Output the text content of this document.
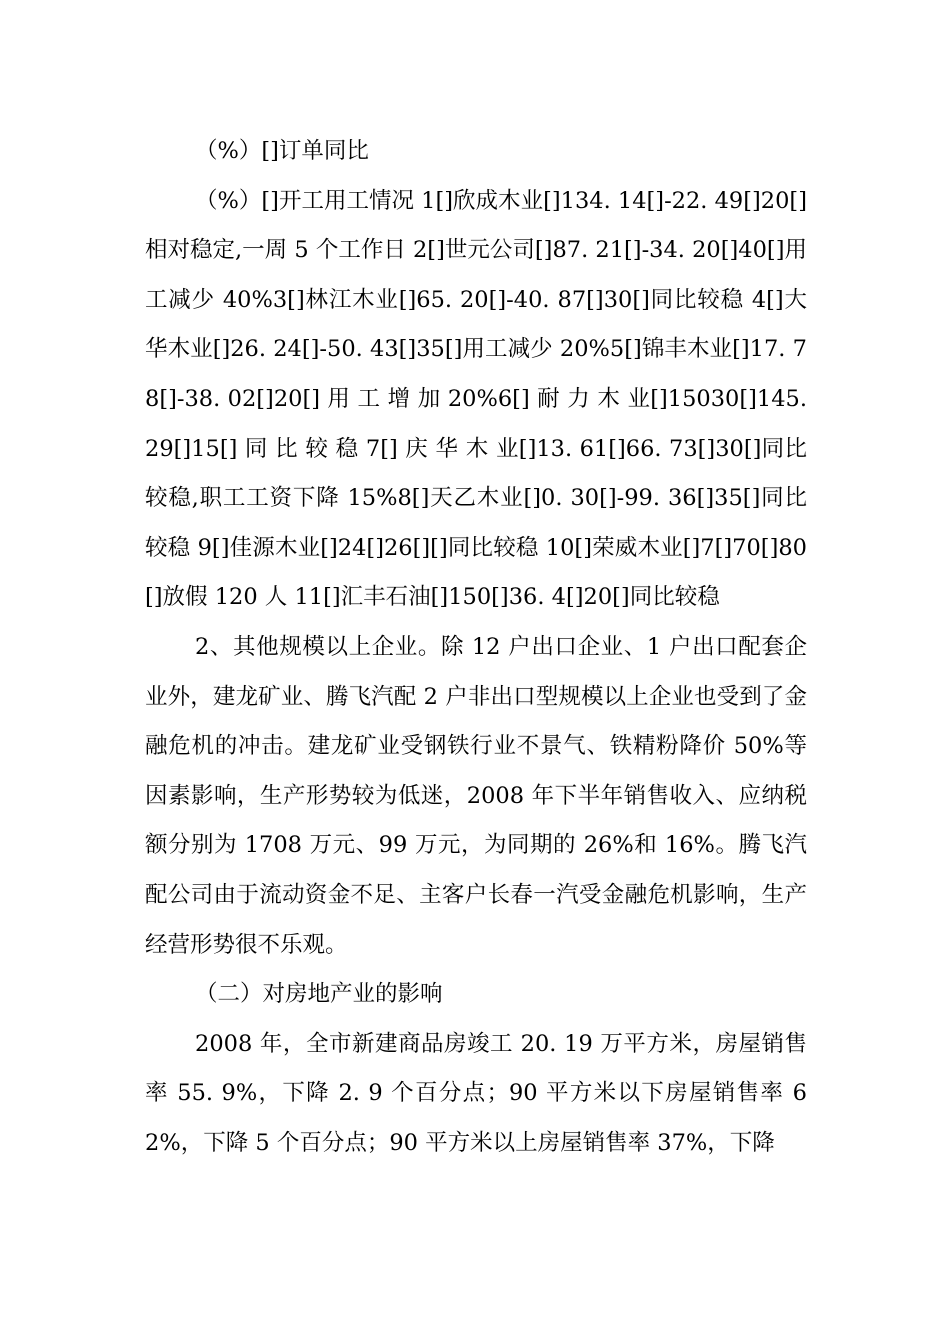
（%）[]订单同比

（%）[]开工用工情况 1[]欣成木业[]134. 14[]-22. 49[]20[]相对稳定,一周 5 个工作日 2[]世元公司[]87. 21[]-34. 20[]40[]用工减少 40%3[]林江木业[]65. 20[]-40. 87[]30[]同比较稳 4[]大华木业[]26. 24[]-50. 43[]35[]用工减少 20%5[]锦丰木业[]17. 78[]-38. 02[]20[] 用 工 增 加 20%6[] 耐 力 木 业[]15030[]145. 29[]15[] 同 比 较 稳 7[] 庆 华 木 业[]13. 61[]66. 73[]30[]同比较稳,职工工资下降 15%8[]天乙木业[]0. 30[]-99. 36[]35[]同比较稳 9[]佳源木业[]24[]26[][]同比较稳 10[]荣威木业[]7[]70[]80[]放假 120 人 11[]汇丰石油[]150[]36. 4[]20[]同比较稳

2、其他规模以上企业。除 12 户出口企业、1 户出口配套企业外，建龙矿业、腾飞汽配 2 户非出口型规模以上企业也受到了金融危机的冲击。建龙矿业受钢铁行业不景气、铁精粉降价 50%等因素影响，生产形势较为低迷，2008 年下半年销售收入、应纳税额分别为 1708 万元、99 万元，为同期的 26%和 16%。腾飞汽配公司由于流动资金不足、主客户长春一汽受金融危机影响，生产经营形势很不乐观。

（二）对房地产业的影响

2008 年，全市新建商品房竣工 20. 19 万平方米，房屋销售率 55. 9%，下降 2. 9 个百分点；90 平方米以下房屋销售率 62%，下降 5 个百分点；90 平方米以上房屋销售率 37%，下降
